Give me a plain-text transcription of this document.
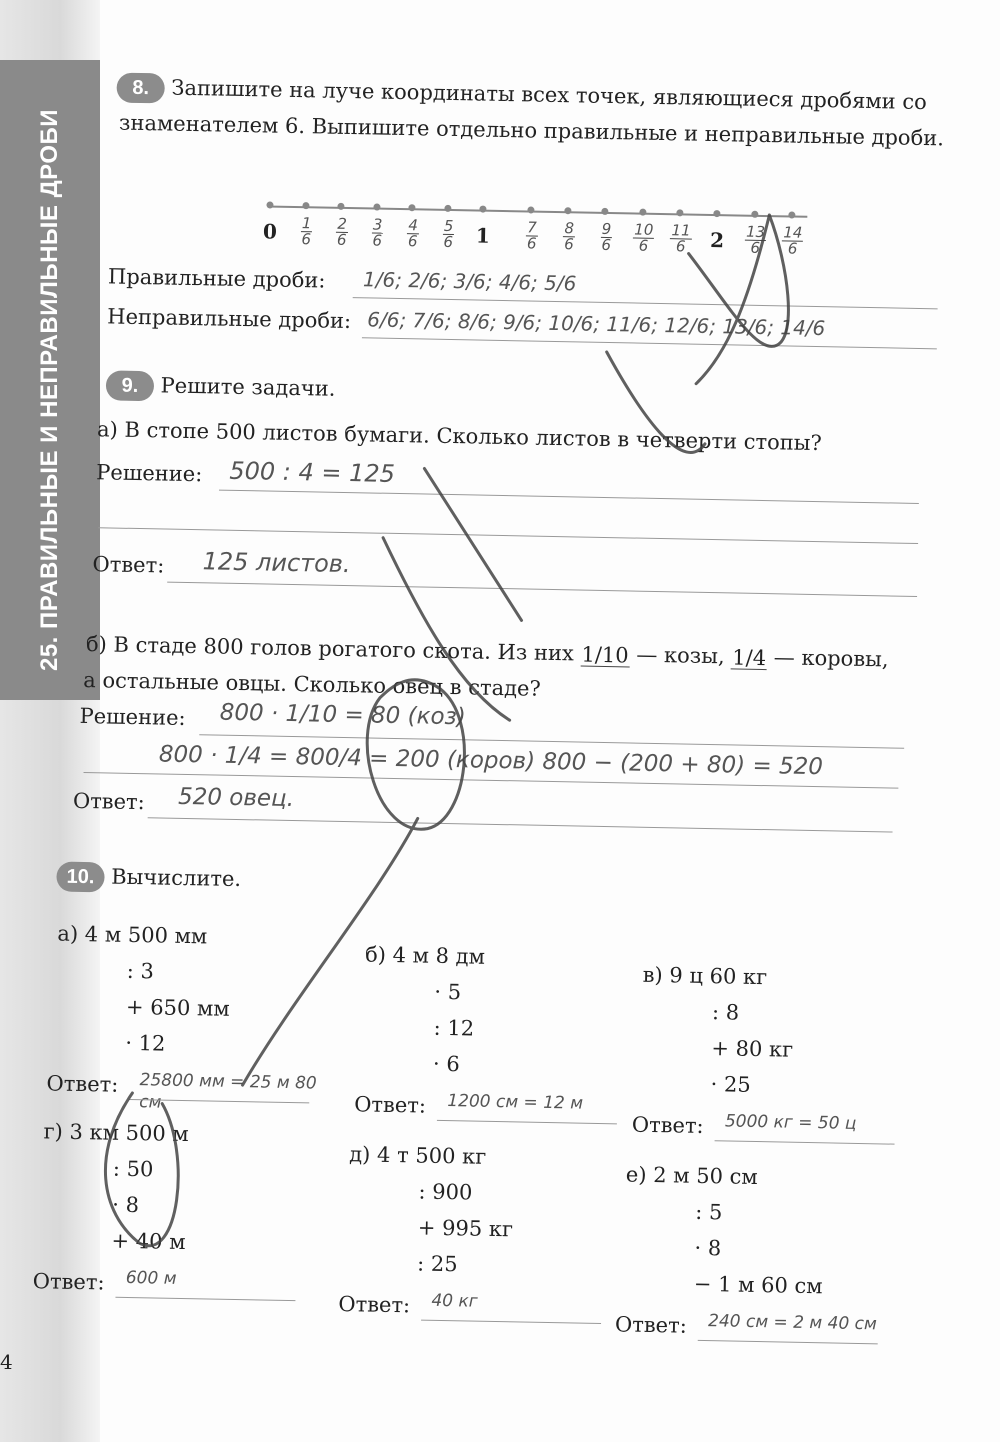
25. ПРАВИЛЬНЫЕ И НЕПРАВИЛЬНЫЕ ДРОБИ
4
8. Запишите на луче координаты всех точек, являющиеся дробями со
знаменателем 6. Выпишите отдельно правильные и неправильные дроби.
$0 \frac{1}{6} \frac{2}{6} \frac{3}{6} \frac{4}{6} \frac{5}{6} 1 \frac{7}{6} \frac{8}{6} \frac{9}{6} \frac{10}{6} \frac{11}{6} 2 \frac{13}{6} \frac{14}{6}$
Правильные дроби: 1/6; 2/6; 3/6; 4/6; 5/6
Неправильные дроби: 6/6; 7/6; 8/6; 9/6; 10/6; 11/6; 12/6; 13/6; 14/6
9. Решите задачи.
а) В стопе 500 листов бумаги. Сколько листов в четверти стопы?
Решение: 500 : 4 = 125
Ответ: 125 листов.
б) В стаде 800 голов рогатого скота. Из них 1/10 — козы, 1/4 — коровы,
а остальные овцы. Сколько овец в стаде?
Решение: 800 · 1/10 = 80 (коз)
800 · 1/4 = 800/4 = 200 (коров) 800 − (200 + 80) = 520
Ответ: 520 овец.
10. Вычислите.
а) 4 м 500 мм
: 3
+ 650 мм
· 12
Ответ: 25800 мм = 25 м 80 см
б) 4 м 8 дм
· 5
: 12
· 6
Ответ: 1200 см = 12 м
в) 9 ц 60 кг
: 8
+ 80 кг
· 25
Ответ: 5000 кг = 50 ц
г) 3 км 500 м
: 50
· 8
+ 40 м
Ответ: 600 м
д) 4 т 500 кг
: 900
+ 995 кг
: 25
Ответ: 40 кг
е) 2 м 50 см
: 5
· 8
− 1 м 60 см
Ответ: 240 см = 2 м 40 см
